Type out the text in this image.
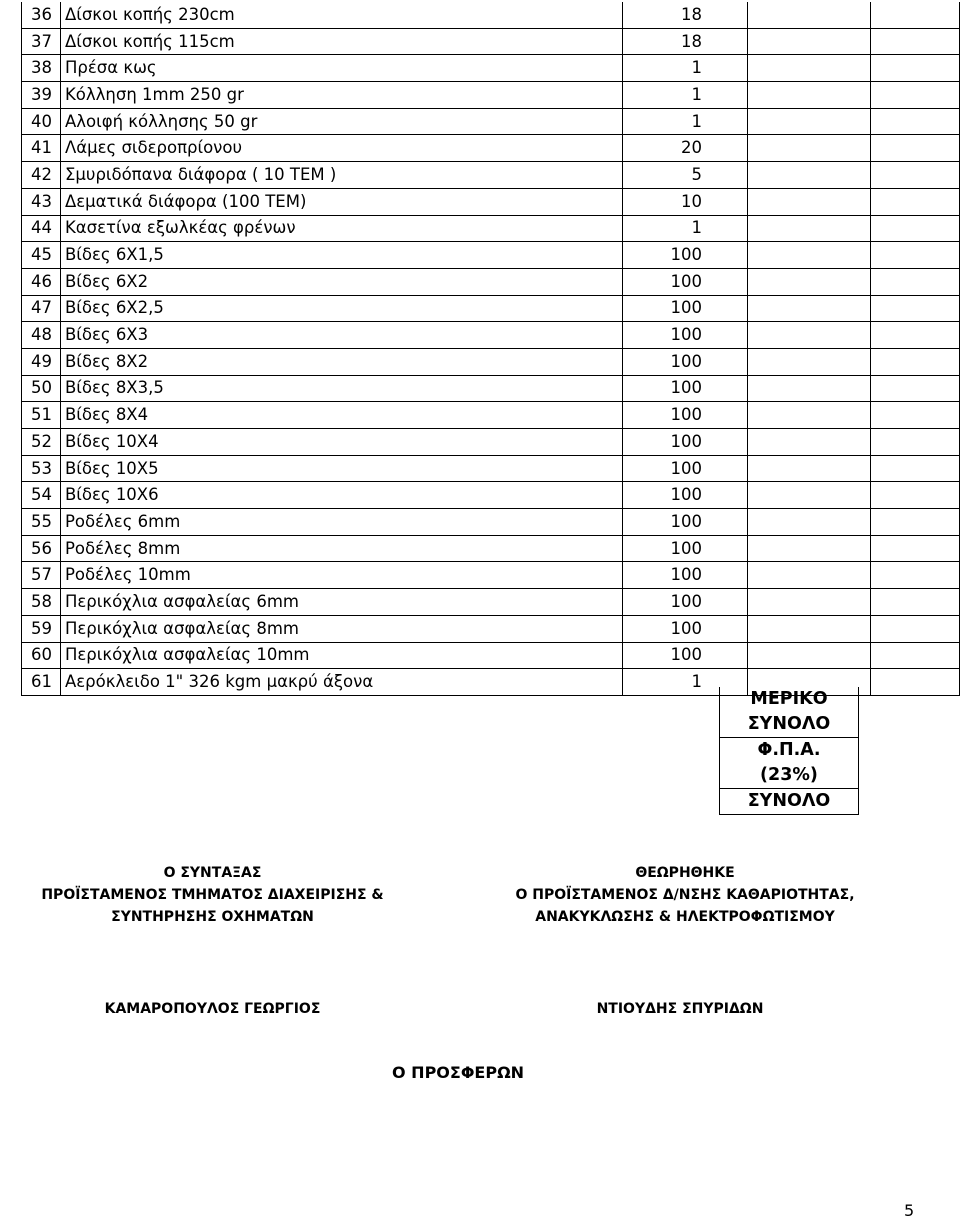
36	Δίσκοι κοπής 230cm	18		
37	Δίσκοι κοπής 115cm	18		
38	Πρέσα κως	1		
39	Κόλληση 1mm 250 gr	1		
40	Αλοιφή κόλλησης 50 gr	1		
41	Λάμες σιδεροπρίονου	20		
42	Σμυριδόπανα διάφορα ( 10 ΤΕΜ )	5		
43	Δεματικά διάφορα (100 ΤΕΜ)	10		
44	Κασετίνα εξωλκέας φρένων	1		
45	Βίδες 6Χ1,5	100		
46	Βίδες 6Χ2	100		
47	Βίδες 6Χ2,5	100		
48	Βίδες 6Χ3	100		
49	Βίδες 8Χ2	100		
50	Βίδες 8Χ3,5	100		
51	Βίδες 8Χ4	100		
52	Βίδες 10Χ4	100		
53	Βίδες 10Χ5	100		
54	Βίδες 10Χ6	100		
55	Ροδέλες 6mm	100		
56	Ροδέλες 8mm	100		
57	Ροδέλες 10mm	100		
58	Περικόχλια ασφαλείας 6mm	100		
59	Περικόχλια ασφαλείας 8mm	100		
60	Περικόχλια ασφαλείας 10mm	100		
61	Αερόκλειδο 1" 326 kgm μακρύ άξονα	1		
ΜΕΡΙΚΟ
ΣΥΝΟΛΟ
Φ.Π.Α.
(23%)
ΣΥΝΟΛΟ
Ο ΣΥΝΤΑΞΑΣ
ΠΡΟΪΣΤΑΜΕΝΟΣ ΤΜΗΜΑΤΟΣ ΔΙΑΧΕΙΡΙΣΗΣ &
ΣΥΝΤΗΡΗΣΗΣ ΟΧΗΜΑΤΩΝ
ΘΕΩΡΗΘΗΚΕ
Ο ΠΡΟΪΣΤΑΜΕΝΟΣ Δ/ΝΣΗΣ ΚΑΘΑΡΙΟΤΗΤΑΣ,
ΑΝΑΚΥΚΛΩΣΗΣ & ΗΛΕΚΤΡΟΦΩΤΙΣΜΟΥ
ΚΑΜΑΡΟΠΟΥΛΟΣ ΓΕΩΡΓΙΟΣ	ΝΤΙΟΥΔΗΣ ΣΠΥΡΙΔΩΝ
Ο ΠΡΟΣΦΕΡΩΝ
5
